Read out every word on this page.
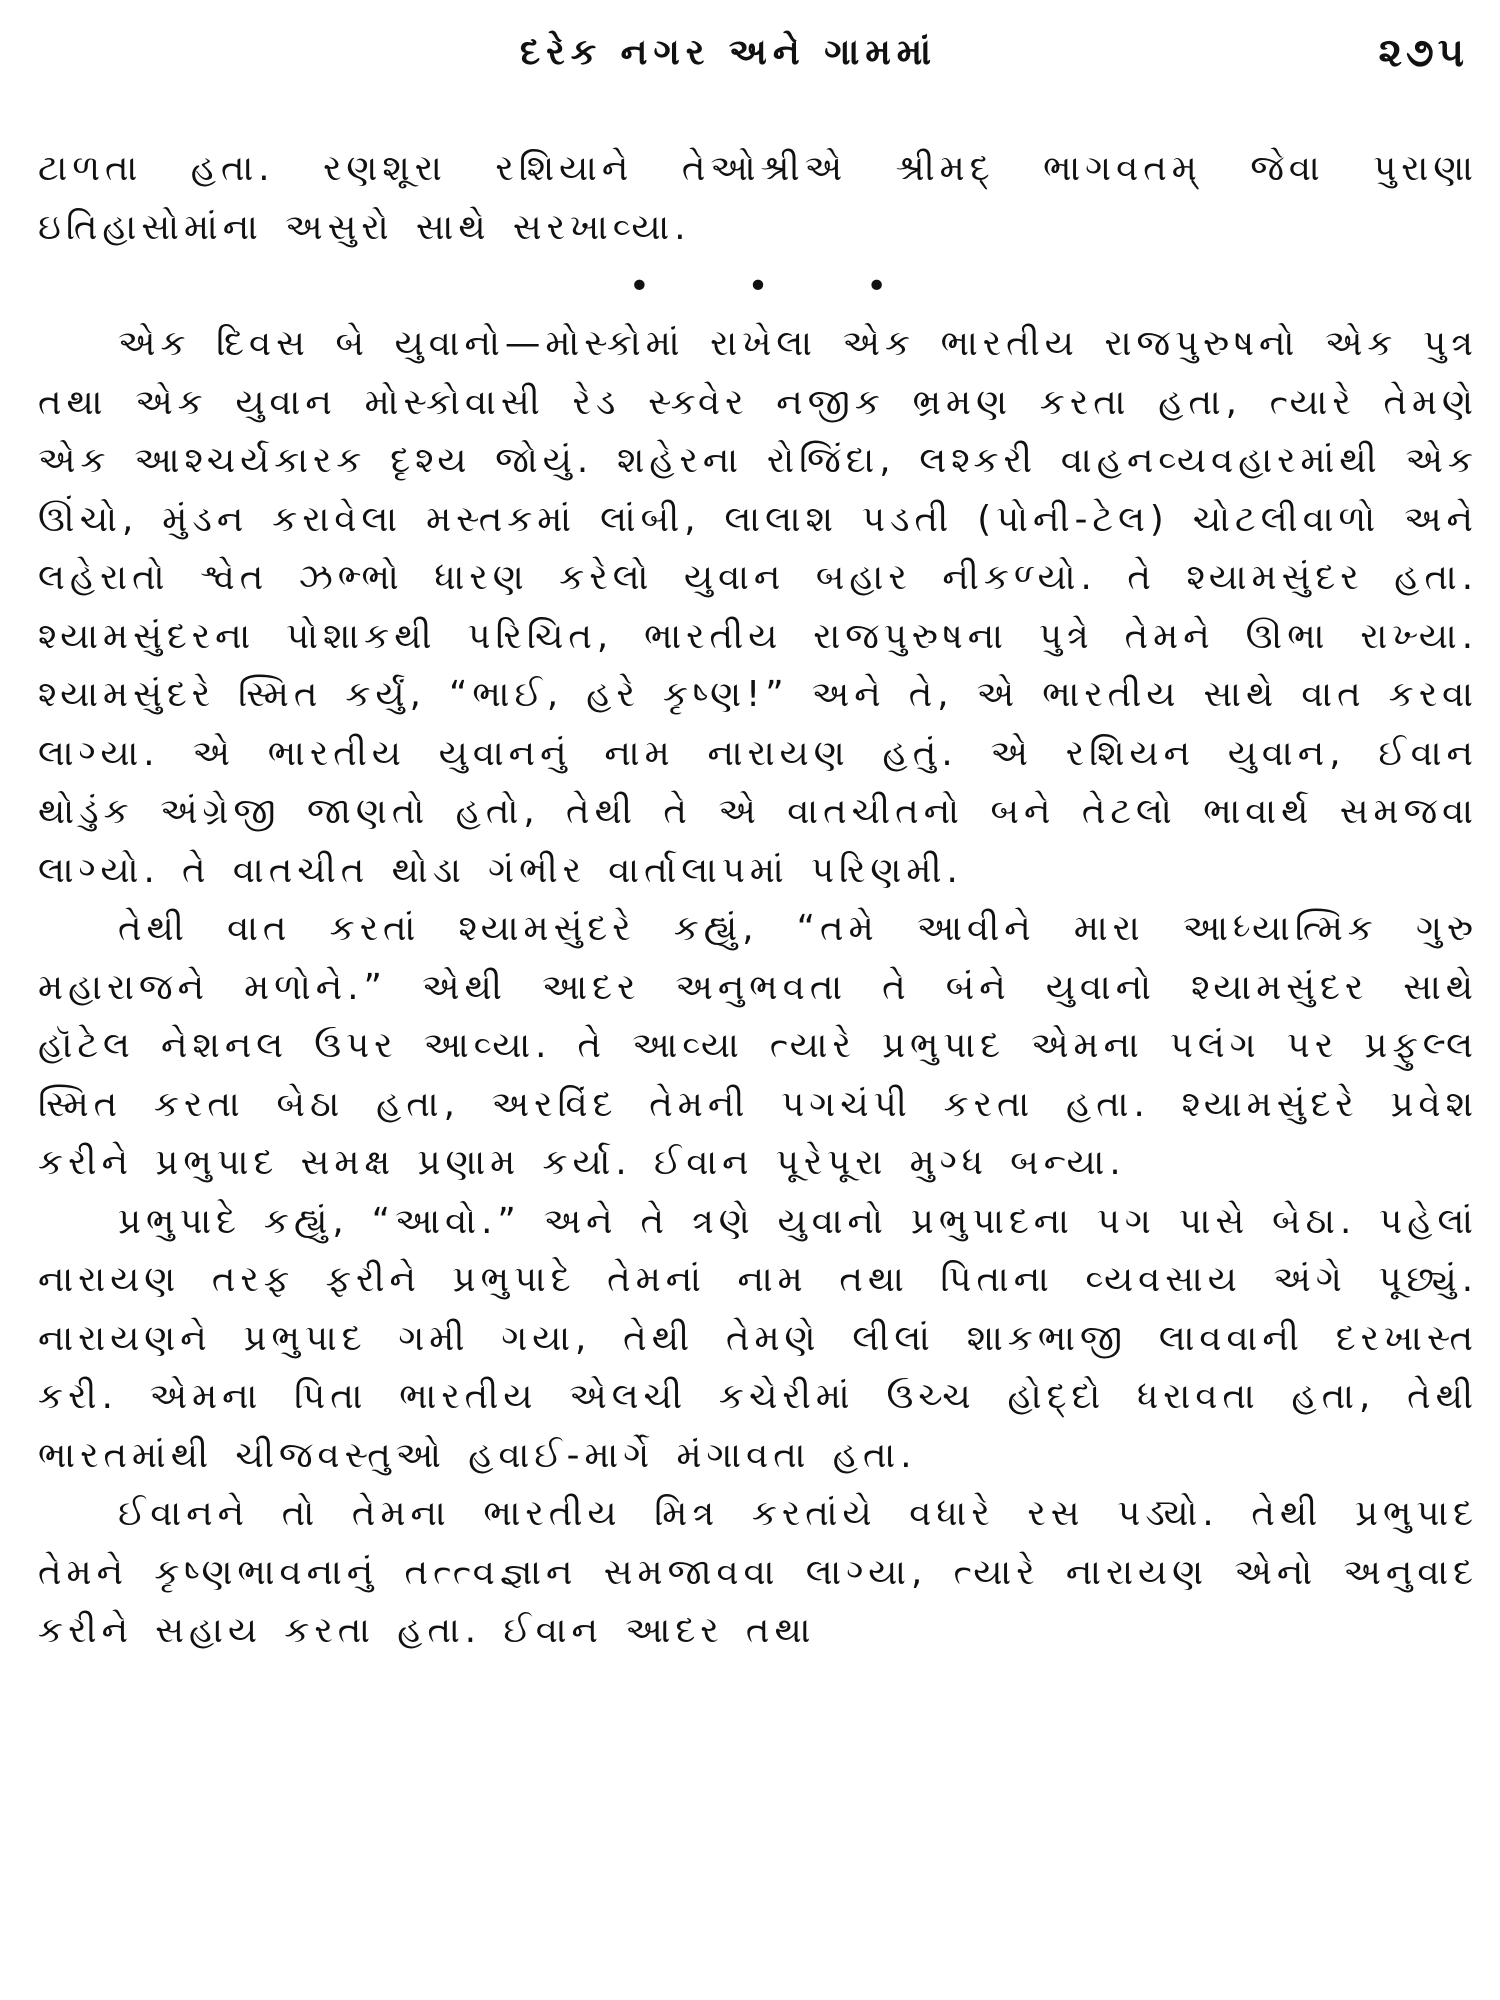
દરેક નગર અને ગામમાં	૨૭૫

ટાળતા હતા. રણશૂરા રશિયાને તેઓશ્રીએ શ્રીમદ્‌ ભાગવતમ્‌ જેવા પુરાણા ઇતિહાસોમાંના અસુરો સાથે સરખાવ્યા.

• • •

એક દિવસ બે યુવાનો—મોસ્કોમાં રાખેલા એક ભારતીય રાજપુરુષનો એક પુત્ર તથા એક યુવાન મોસ્કોવાસી રેડ સ્ક્વેર નજીક ભ્રમણ કરતા હતા, ત્યારે તેમણે એક આશ્ચર્યકારક દૃશ્ય જોયું. શહેરના રોજિંદા, લશ્કરી વાહનવ્યવહારમાંથી એક ઊંચો, મુંડન કરાવેલા મસ્તકમાં લાંબી, લાલાશ પડતી (પોની-ટેલ) ચોટલીવાળો અને લહેરાતો શ્વેત ઝભ્ભો ધારણ કરેલો યુવાન બહાર નીકળ્યો. તે શ્યામસુંદર હતા. શ્યામસુંદરના પોશાકથી પરિચિત, ભારતીય રાજપુરુષના પુત્રે તેમને ઊભા રાખ્યા. શ્યામસુંદરે સ્મિત કર્યું, “ભાઈ, હરે કૃષ્ણ!” અને તે, એ ભારતીય સાથે વાત કરવા લાગ્યા. એ ભારતીય યુવાનનું નામ નારાયણ હતું. એ રશિયન યુવાન, ઈવાન થોડુંક અંગ્રેજી જાણતો હતો, તેથી તે એ વાતચીતનો બને તેટલો ભાવાર્થ સમજવા લાગ્યો. તે વાતચીત થોડા ગંભીર વાર્તાલાપમાં પરિણમી.

તેથી વાત કરતાં શ્યામસુંદરે કહ્યું, “તમે આવીને મારા આધ્યાત્મિક ગુરુ મહારાજને મળોને.” એથી આદર અનુભવતા તે બંને યુવાનો શ્યામસુંદર સાથે હૉટેલ નેશનલ ઉપર આવ્યા. તે આવ્યા ત્યારે પ્રભુપાદ એમના પલંગ પર પ્રફુલ્લ સ્મિત કરતા બેઠા હતા, અરવિંદ તેમની પગચંપી કરતા હતા. શ્યામસુંદરે પ્રવેશ કરીને પ્રભુપાદ સમક્ષ પ્રણામ કર્યા. ઈવાન પૂરેપૂરા મુગ્ધ બન્યા.

પ્રભુપાદે કહ્યું, “આવો.” અને તે ત્રણે યુવાનો પ્રભુપાદના પગ પાસે બેઠા. પહેલાં નારાયણ તરફ ફરીને પ્રભુપાદે તેમનાં નામ તથા પિતાના વ્યવસાય અંગે પૂછ્યું. નારાયણને પ્રભુપાદ ગમી ગયા, તેથી તેમણે લીલાં શાકભાજી લાવવાની દરખાસ્ત કરી. એમના પિતા ભારતીય એલચી કચેરીમાં ઉચ્ચ હોદ્દો ધરાવતા હતા, તેથી ભારતમાંથી ચીજવસ્તુઓ હવાઈ-માર્ગે મંગાવતા હતા.

ઈવાનને તો તેમના ભારતીય મિત્ર કરતાંયે વધારે રસ પડ્યો. તેથી પ્રભુપાદ તેમને કૃષ્ણભાવનાનું તત્ત્વજ્ઞાન સમજાવવા લાગ્યા, ત્યારે નારાયણ એનો અનુવાદ કરીને સહાય કરતા હતા. ઈવાન આદર તથા
